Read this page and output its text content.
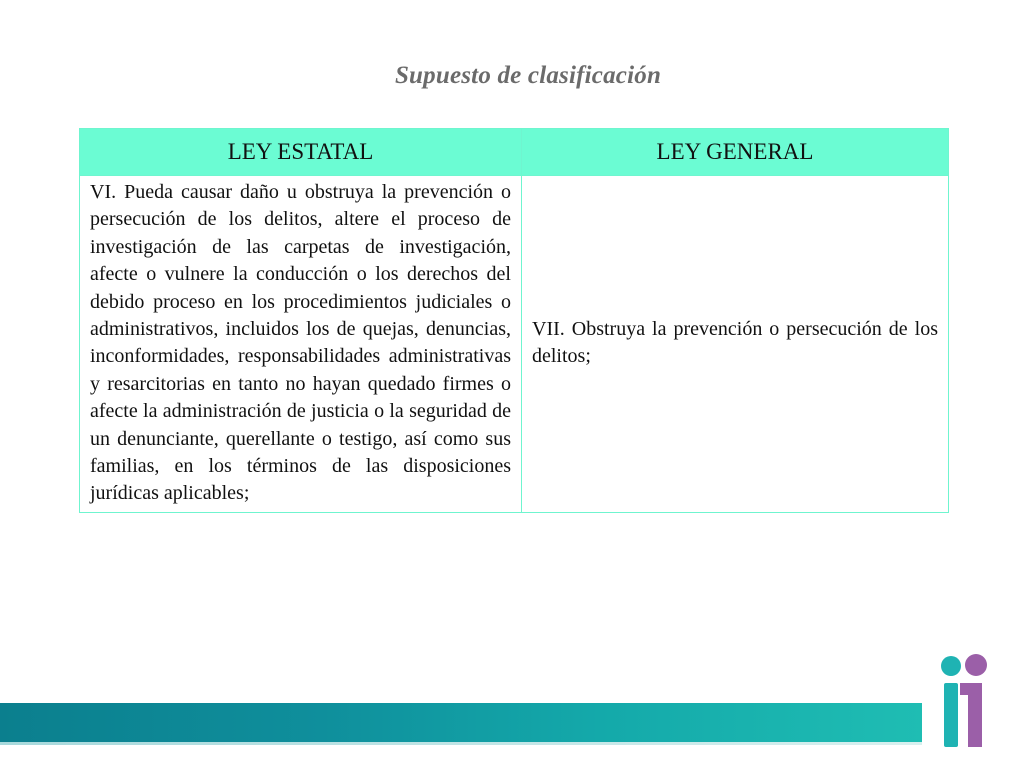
Supuesto de clasificación
LEY ESTATAL	LEY GENERAL
VI. Pueda causar daño u obstruya la prevención o persecución de los delitos, altere el proceso de investigación de las carpetas de investigación, afecte o vulnere la conducción o los derechos del debido proceso en los procedimientos judiciales o administrativos, incluidos los de quejas, denuncias, inconformidades, responsabilidades administrativas y resarcitorias en tanto no hayan quedado firmes o afecte la administración de justicia o la seguridad de un denunciante, querellante o testigo, así como sus familias, en los términos de las disposiciones jurídicas aplicables;	VII. Obstruya la prevención o persecución de los delitos;
